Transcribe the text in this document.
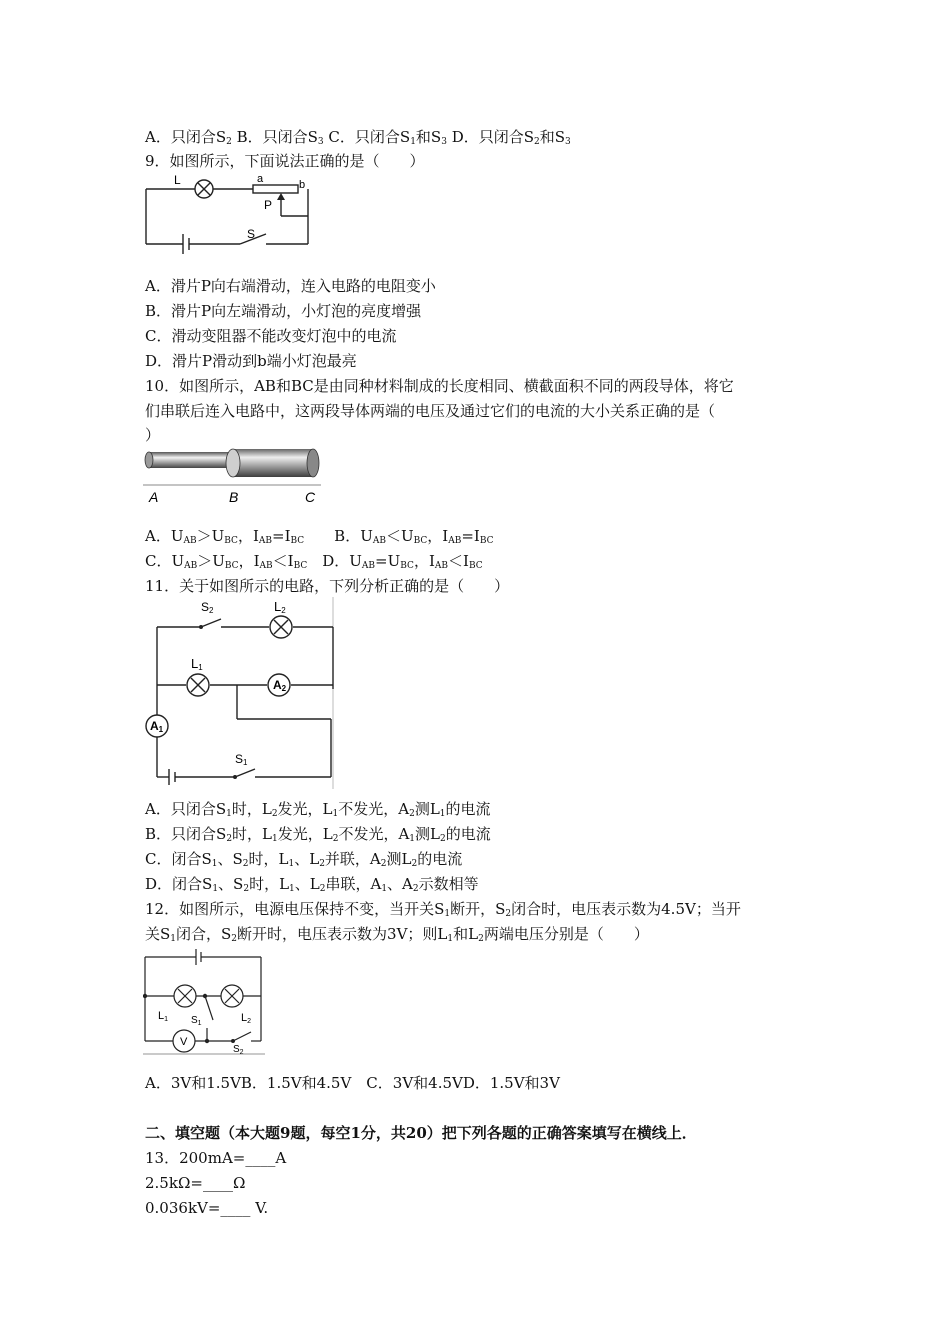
A．只闭合$S_2$ B．只闭合$S_3$ C．只闭合$S_1$和$S_3$ D．只闭合$S_2$和$S_3$
9．如图所示，下面说法正确的是（　　）
L	a	b
P
S
A．滑片P向右端滑动，连入电路的电阻变小
B．滑片P向左端滑动，小灯泡的亮度增强
C．滑动变阻器不能改变灯泡中的电流
D．滑片P滑动到b端小灯泡最亮
10．如图所示，AB和BC是由同种材料制成的长度相同、横截面积不同的两段导体，将它
们串联后连入电路中，这两段导体两端的电压及通过它们的电流的大小关系正确的是（
）
A	B	C
A．$U_{AB}>U_{BC}$，$I_{AB}=I_{BC}$　　B．$U_{AB}<U_{BC}$，$I_{AB}=I_{BC}$
C．$U_{AB}>U_{BC}$，$I_{AB}<I_{BC}$　D．$U_{AB}=U_{BC}$，$I_{AB}<I_{BC}$
11．关于如图所示的电路，下列分析正确的是（　　）
A2
A1
S2	L2
L1
S1
A．只闭合$S_1$时，$L_2$发光，$L_1$不发光，$A_2$测$L_1$的电流
B．只闭合$S_2$时，$L_1$发光，$L_2$不发光，$A_1$测$L_2$的电流
C．闭合$S_1$、$S_2$时，$L_1$、$L_2$并联，$A_2$测$L_2$的电流
D．闭合$S_1$、$S_2$时，$L_1$、$L_2$串联，$A_1$、$A_2$示数相等
12．如图所示，电源电压保持不变，当开关$S_1$断开，$S_2$闭合时，电压表示数为4.5V；当开
关$S_1$闭合，$S_2$断开时，电压表示数为3V；则$L_1$和$L_2$两端电压分别是（　　）
V
L1	L2
$S_1$
$S_2$
A．3V和1.5VB．1.5V和4.5V　C．3V和4.5VD．1.5V和3V
二、填空题（本大题9题，每空1分，共20）把下列各题的正确答案填写在横线上．
13．200mA=____A
2.5kΩ=____Ω
0.036kV=____ V.
